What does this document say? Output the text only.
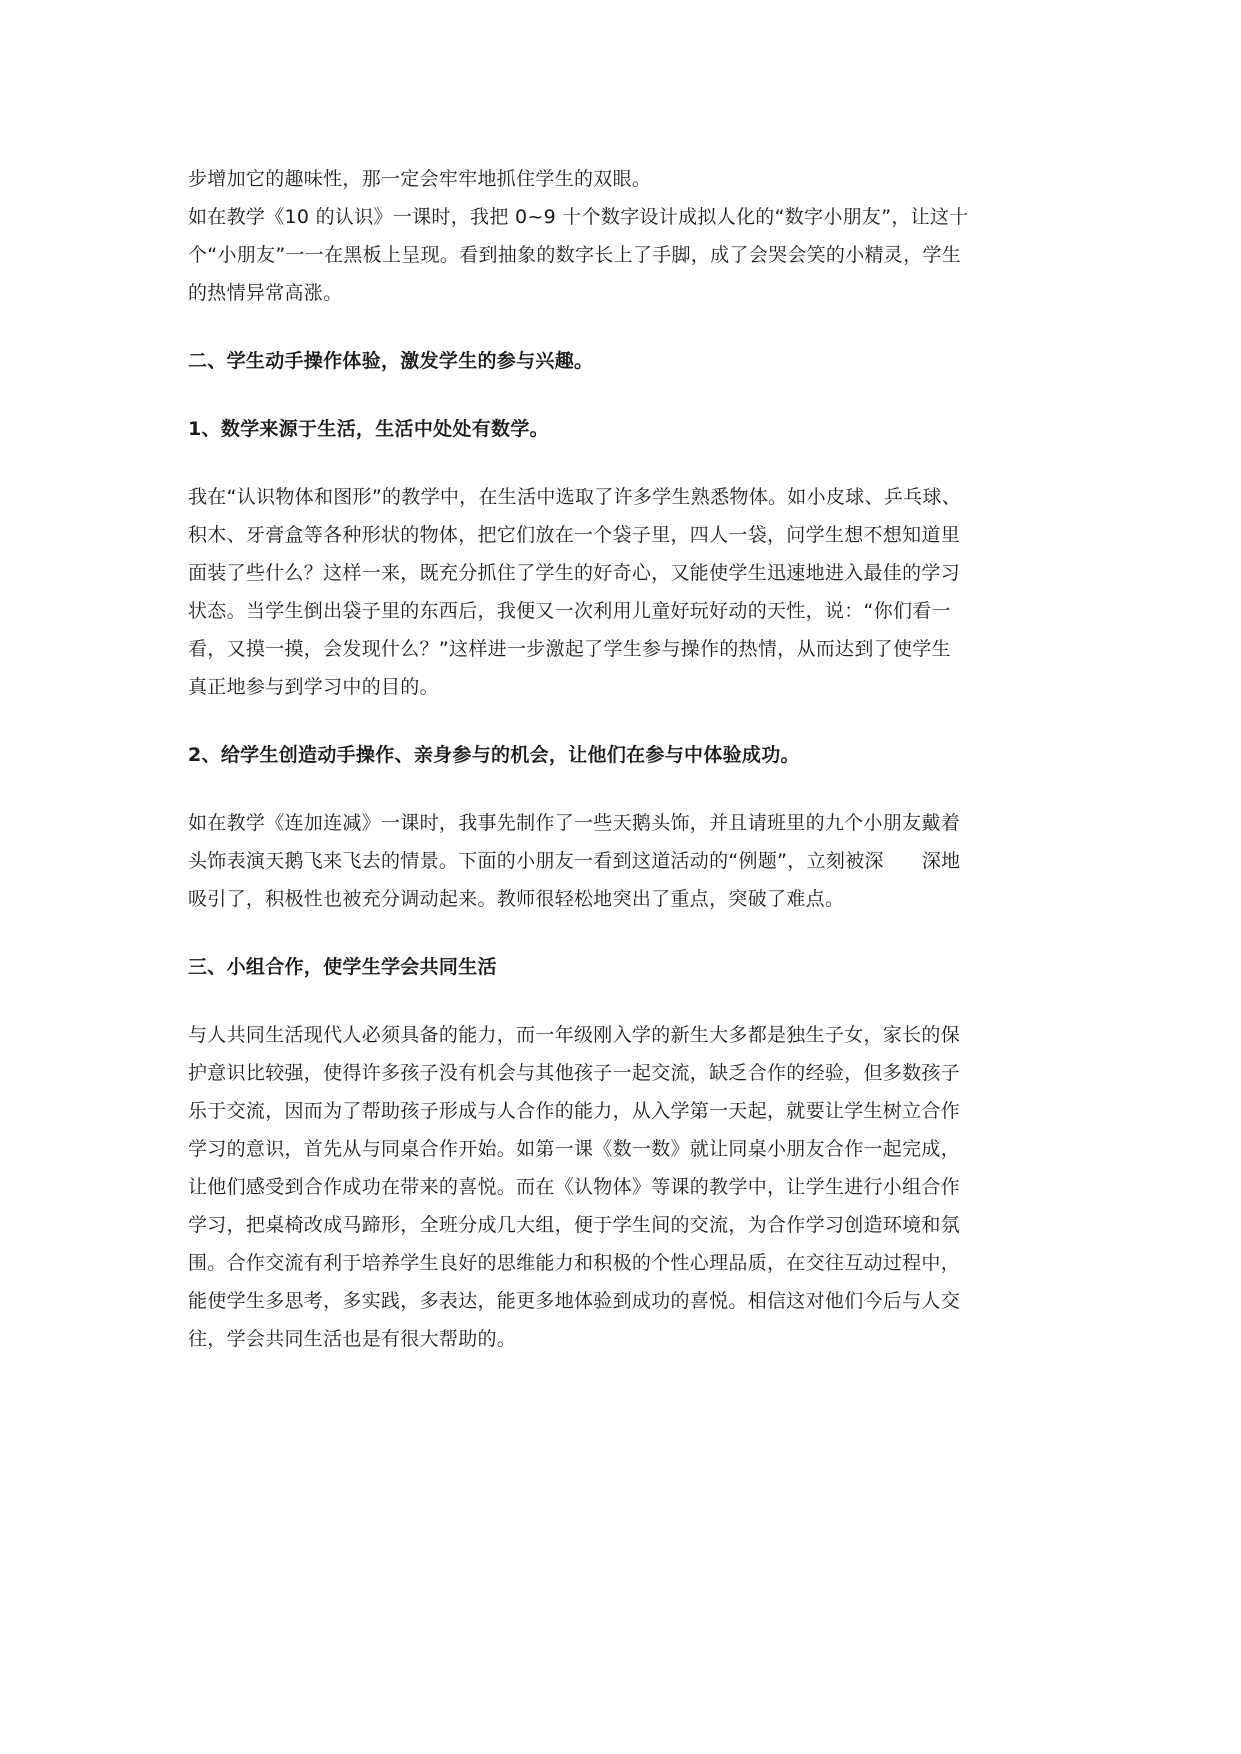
步增加它的趣味性，那一定会牢牢地抓住学生的双眼。
如在教学《10 的认识》一课时，我把 0~9 十个数字设计成拟人化的“数字小朋友”，让这十
个“小朋友”一一在黑板上呈现。看到抽象的数字长上了手脚，成了会哭会笑的小精灵，学生
的热情异常高涨。
二、学生动手操作体验，激发学生的参与兴趣。
1、数学来源于生活，生活中处处有数学。
我在“认识物体和图形”的教学中，在生活中选取了许多学生熟悉物体。如小皮球、乒乓球、
积木、牙膏盒等各种形状的物体，把它们放在一个袋子里，四人一袋，问学生想不想知道里
面装了些什么？这样一来，既充分抓住了学生的好奇心，又能使学生迅速地进入最佳的学习
状态。当学生倒出袋子里的东西后，我便又一次利用儿童好玩好动的天性，说：“你们看一
看，又摸一摸，会发现什么？”这样进一步激起了学生参与操作的热情，从而达到了使学生
真正地参与到学习中的目的。
2、给学生创造动手操作、亲身参与的机会，让他们在参与中体验成功。
如在教学《连加连减》一课时，我事先制作了一些天鹅头饰，并且请班里的九个小朋友戴着
头饰表演天鹅飞来飞去的情景。下面的小朋友一看到这道活动的“例题”，立刻被深      深地
吸引了，积极性也被充分调动起来。教师很轻松地突出了重点，突破了难点。
三、小组合作，使学生学会共同生活
与人共同生活现代人必须具备的能力，而一年级刚入学的新生大多都是独生子女，家长的保
护意识比较强，使得许多孩子没有机会与其他孩子一起交流，缺乏合作的经验，但多数孩子
乐于交流，因而为了帮助孩子形成与人合作的能力，从入学第一天起，就要让学生树立合作
学习的意识，首先从与同桌合作开始。如第一课《数一数》就让同桌小朋友合作一起完成，
让他们感受到合作成功在带来的喜悦。而在《认物体》等课的教学中，让学生进行小组合作
学习，把桌椅改成马蹄形，全班分成几大组，便于学生间的交流，为合作学习创造环境和氛
围。合作交流有利于培养学生良好的思维能力和积极的个性心理品质，在交往互动过程中，
能使学生多思考，多实践，多表达，能更多地体验到成功的喜悦。相信这对他们今后与人交
往，学会共同生活也是有很大帮助的。
